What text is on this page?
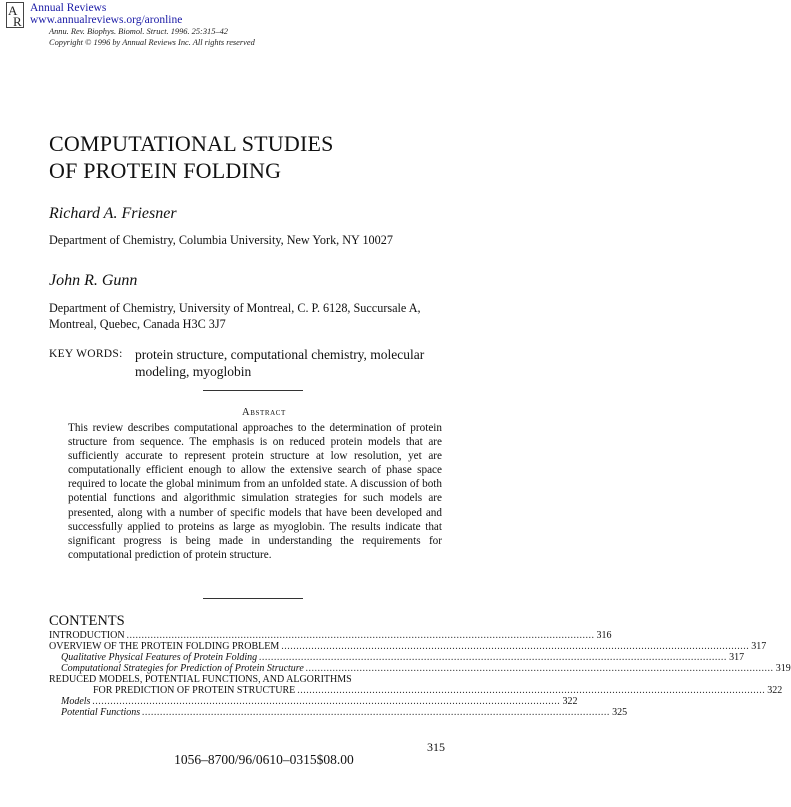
A
R
Annual Reviews
www.annualreviews.org/aronline
Annu. Rev. Biophys. Biomol. Struct. 1996. 25:315–42
Copyright © 1996 by Annual Reviews Inc. All rights reserved
COMPUTATIONAL STUDIES
OF PROTEIN FOLDING
Richard A. Friesner
Department of Chemistry, Columbia University, New York, NY 10027
John R. Gunn
Department of Chemistry, University of Montreal, C. P. 6128, Succursale A, Montreal, Quebec, Canada H3C 3J7
KEY WORDS: protein structure, computational chemistry, molecular modeling, myoglobin
Abstract
This review describes computational approaches to the determination of protein structure from sequence. The emphasis is on reduced protein models that are sufficiently accurate to represent protein structure at low resolution, yet are computationally efficient enough to allow the extensive search of phase space required to locate the global minimum from an unfolded state. A discussion of both potential functions and algorithmic simulation strategies for such models are presented, along with a number of specific models that have been developed and successfully applied to proteins as large as myoglobin. The results indicate that significant progress is being made in understanding the requirements for computational prediction of protein structure.
CONTENTS
INTRODUCTION ............................................................................................................................................................ 316
OVERVIEW OF THE PROTEIN FOLDING PROBLEM ............................................................................................................................................................ 317
Qualitative Physical Features of Protein Folding ............................................................................................................................................................ 317
Computational Strategies for Prediction of Protein Structure ............................................................................................................................................................ 319
REDUCED MODELS, POTENTIAL FUNCTIONS, AND ALGORITHMS
FOR PREDICTION OF PROTEIN STRUCTURE ............................................................................................................................................................ 322
Models ............................................................................................................................................................ 322
Potential Functions ............................................................................................................................................................ 325
315
1056–8700/96/0610–0315$08.00
